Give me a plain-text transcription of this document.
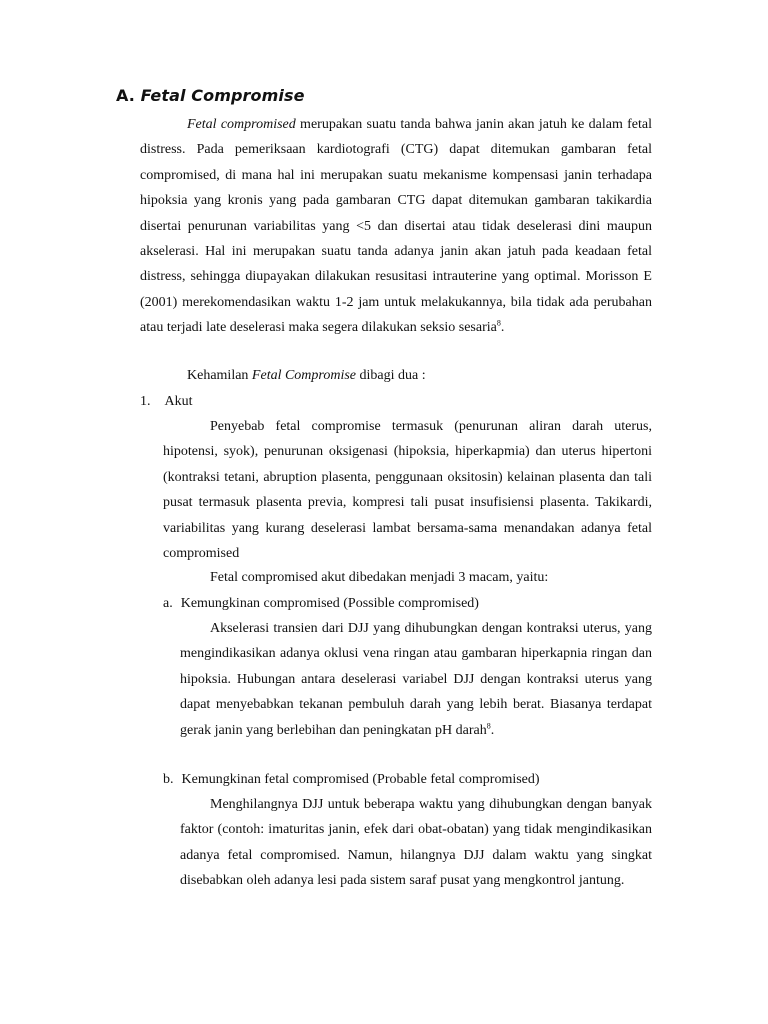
A. Fetal Compromise

Fetal compromised merupakan suatu tanda bahwa janin akan jatuh ke dalam fetal distress. Pada pemeriksaan kardiotografi (CTG) dapat ditemukan gambaran fetal compromised, di mana hal ini merupakan suatu mekanisme kompensasi janin terhadapa hipoksia yang kronis yang pada gambaran CTG dapat ditemukan gambaran takikardia disertai penurunan variabilitas yang <5 dan disertai atau tidak deselerasi dini maupun akselerasi. Hal ini merupakan suatu tanda adanya janin akan jatuh pada keadaan fetal distress, sehingga diupayakan dilakukan resusitasi intrauterine yang optimal. Morisson E (2001) merekomendasikan waktu 1-2 jam untuk melakukannya, bila tidak ada perubahan atau terjadi late deselerasi maka segera dilakukan seksio sesaria$^8$.

Kehamilan Fetal Compromise dibagi dua :

1. Akut

Penyebab fetal compromise termasuk (penurunan aliran darah uterus, hipotensi, syok), penurunan oksigenasi (hipoksia, hiperkapmia) dan uterus hipertoni (kontraksi tetani, abruption plasenta, penggunaan oksitosin) kelainan plasenta dan tali pusat termasuk plasenta previa, kompresi tali pusat insufisiensi plasenta. Takikardi, variabilitas yang kurang deselerasi lambat bersama-sama menandakan adanya fetal compromised

Fetal compromised akut dibedakan menjadi 3 macam, yaitu:

a. Kemungkinan compromised (Possible compromised)

Akselerasi transien dari DJJ yang dihubungkan dengan kontraksi uterus, yang mengindikasikan adanya oklusi vena ringan atau gambaran hiperkapnia ringan dan hipoksia. Hubungan antara deselerasi variabel DJJ dengan kontraksi uterus yang dapat menyebabkan tekanan pembuluh darah yang lebih berat. Biasanya terdapat gerak janin yang berlebihan dan peningkatan pH darah$^8$.

b. Kemungkinan fetal compromised (Probable fetal compromised)

Menghilangnya DJJ untuk beberapa waktu yang dihubungkan dengan banyak faktor (contoh: imaturitas janin, efek dari obat-obatan) yang tidak mengindikasikan adanya fetal compromised. Namun, hilangnya DJJ dalam waktu yang singkat disebabkan oleh adanya lesi pada sistem saraf pusat yang mengkontrol jantung.
